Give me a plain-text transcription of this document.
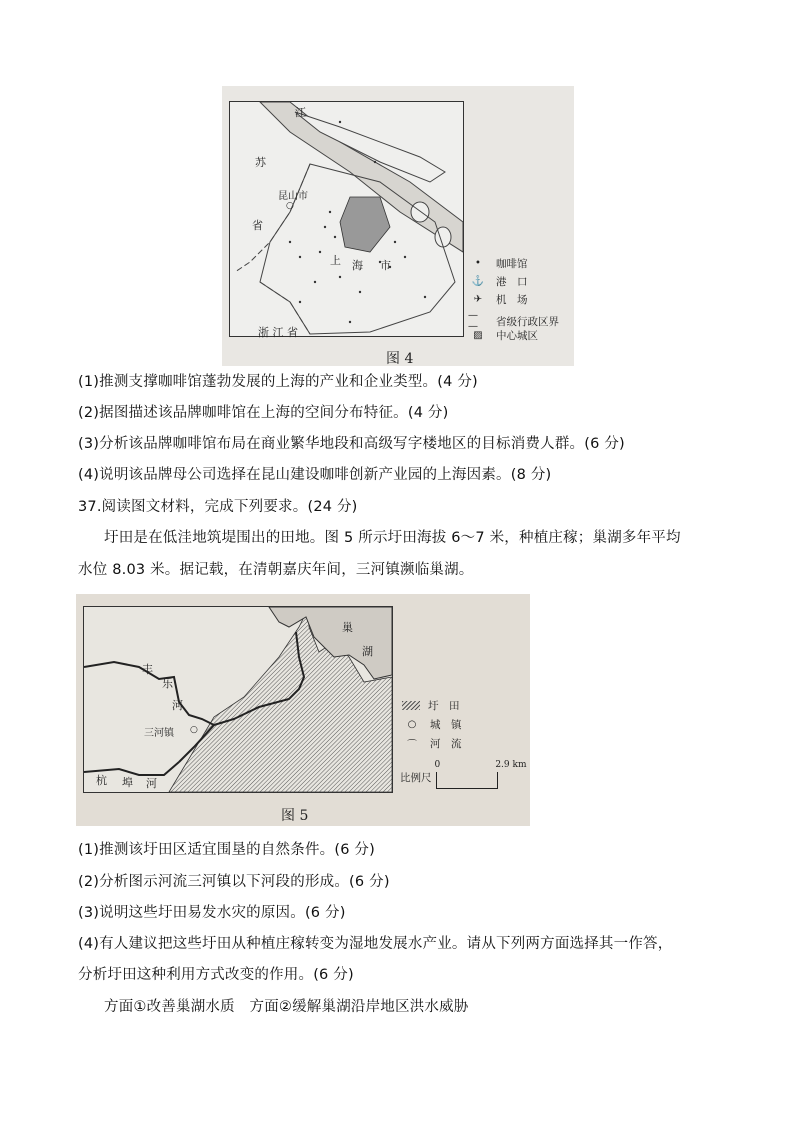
江
苏
省
昆山市
○
上 海 市
浙 江 省
•	咖啡馆
⚓	港　口
✈	机　场
— —	省级行政区界
▨	中心城区
图 4
(1)推测支撑咖啡馆蓬勃发展的上海的产业和企业类型。(4 分)
(2)据图描述该品牌咖啡馆在上海的空间分布特征。(4 分)
(3)分析该品牌咖啡馆布局在商业繁华地段和高级写字楼地区的目标消费人群。(6 分)
(4)说明该品牌母公司选择在昆山建设咖啡创新产业园的上海因素。(8 分)
37.阅读图文材料，完成下列要求。(24 分)
圩田是在低洼地筑堤围出的田地。图 5 所示圩田海拔 6～7 米，种植庄稼；巢湖多年平均
水位 8.03 米。据记载，在清朝嘉庆年间，三河镇濒临巢湖。
巢
湖
丰
乐
河
三河镇 ○
杭 埠 河
圩　田
○	城　镇
⌒	河　流
比例尺
0	2.9 km
图 5
(1)推测该圩田区适宜围垦的自然条件。(6 分)
(2)分析图示河流三河镇以下河段的形成。(6 分)
(3)说明这些圩田易发水灾的原因。(6 分)
(4)有人建议把这些圩田从种植庄稼转变为湿地发展水产业。请从下列两方面选择其一作答，
分析圩田这种利用方式改变的作用。(6 分)
方面①改善巢湖水质　方面②缓解巢湖沿岸地区洪水威胁
